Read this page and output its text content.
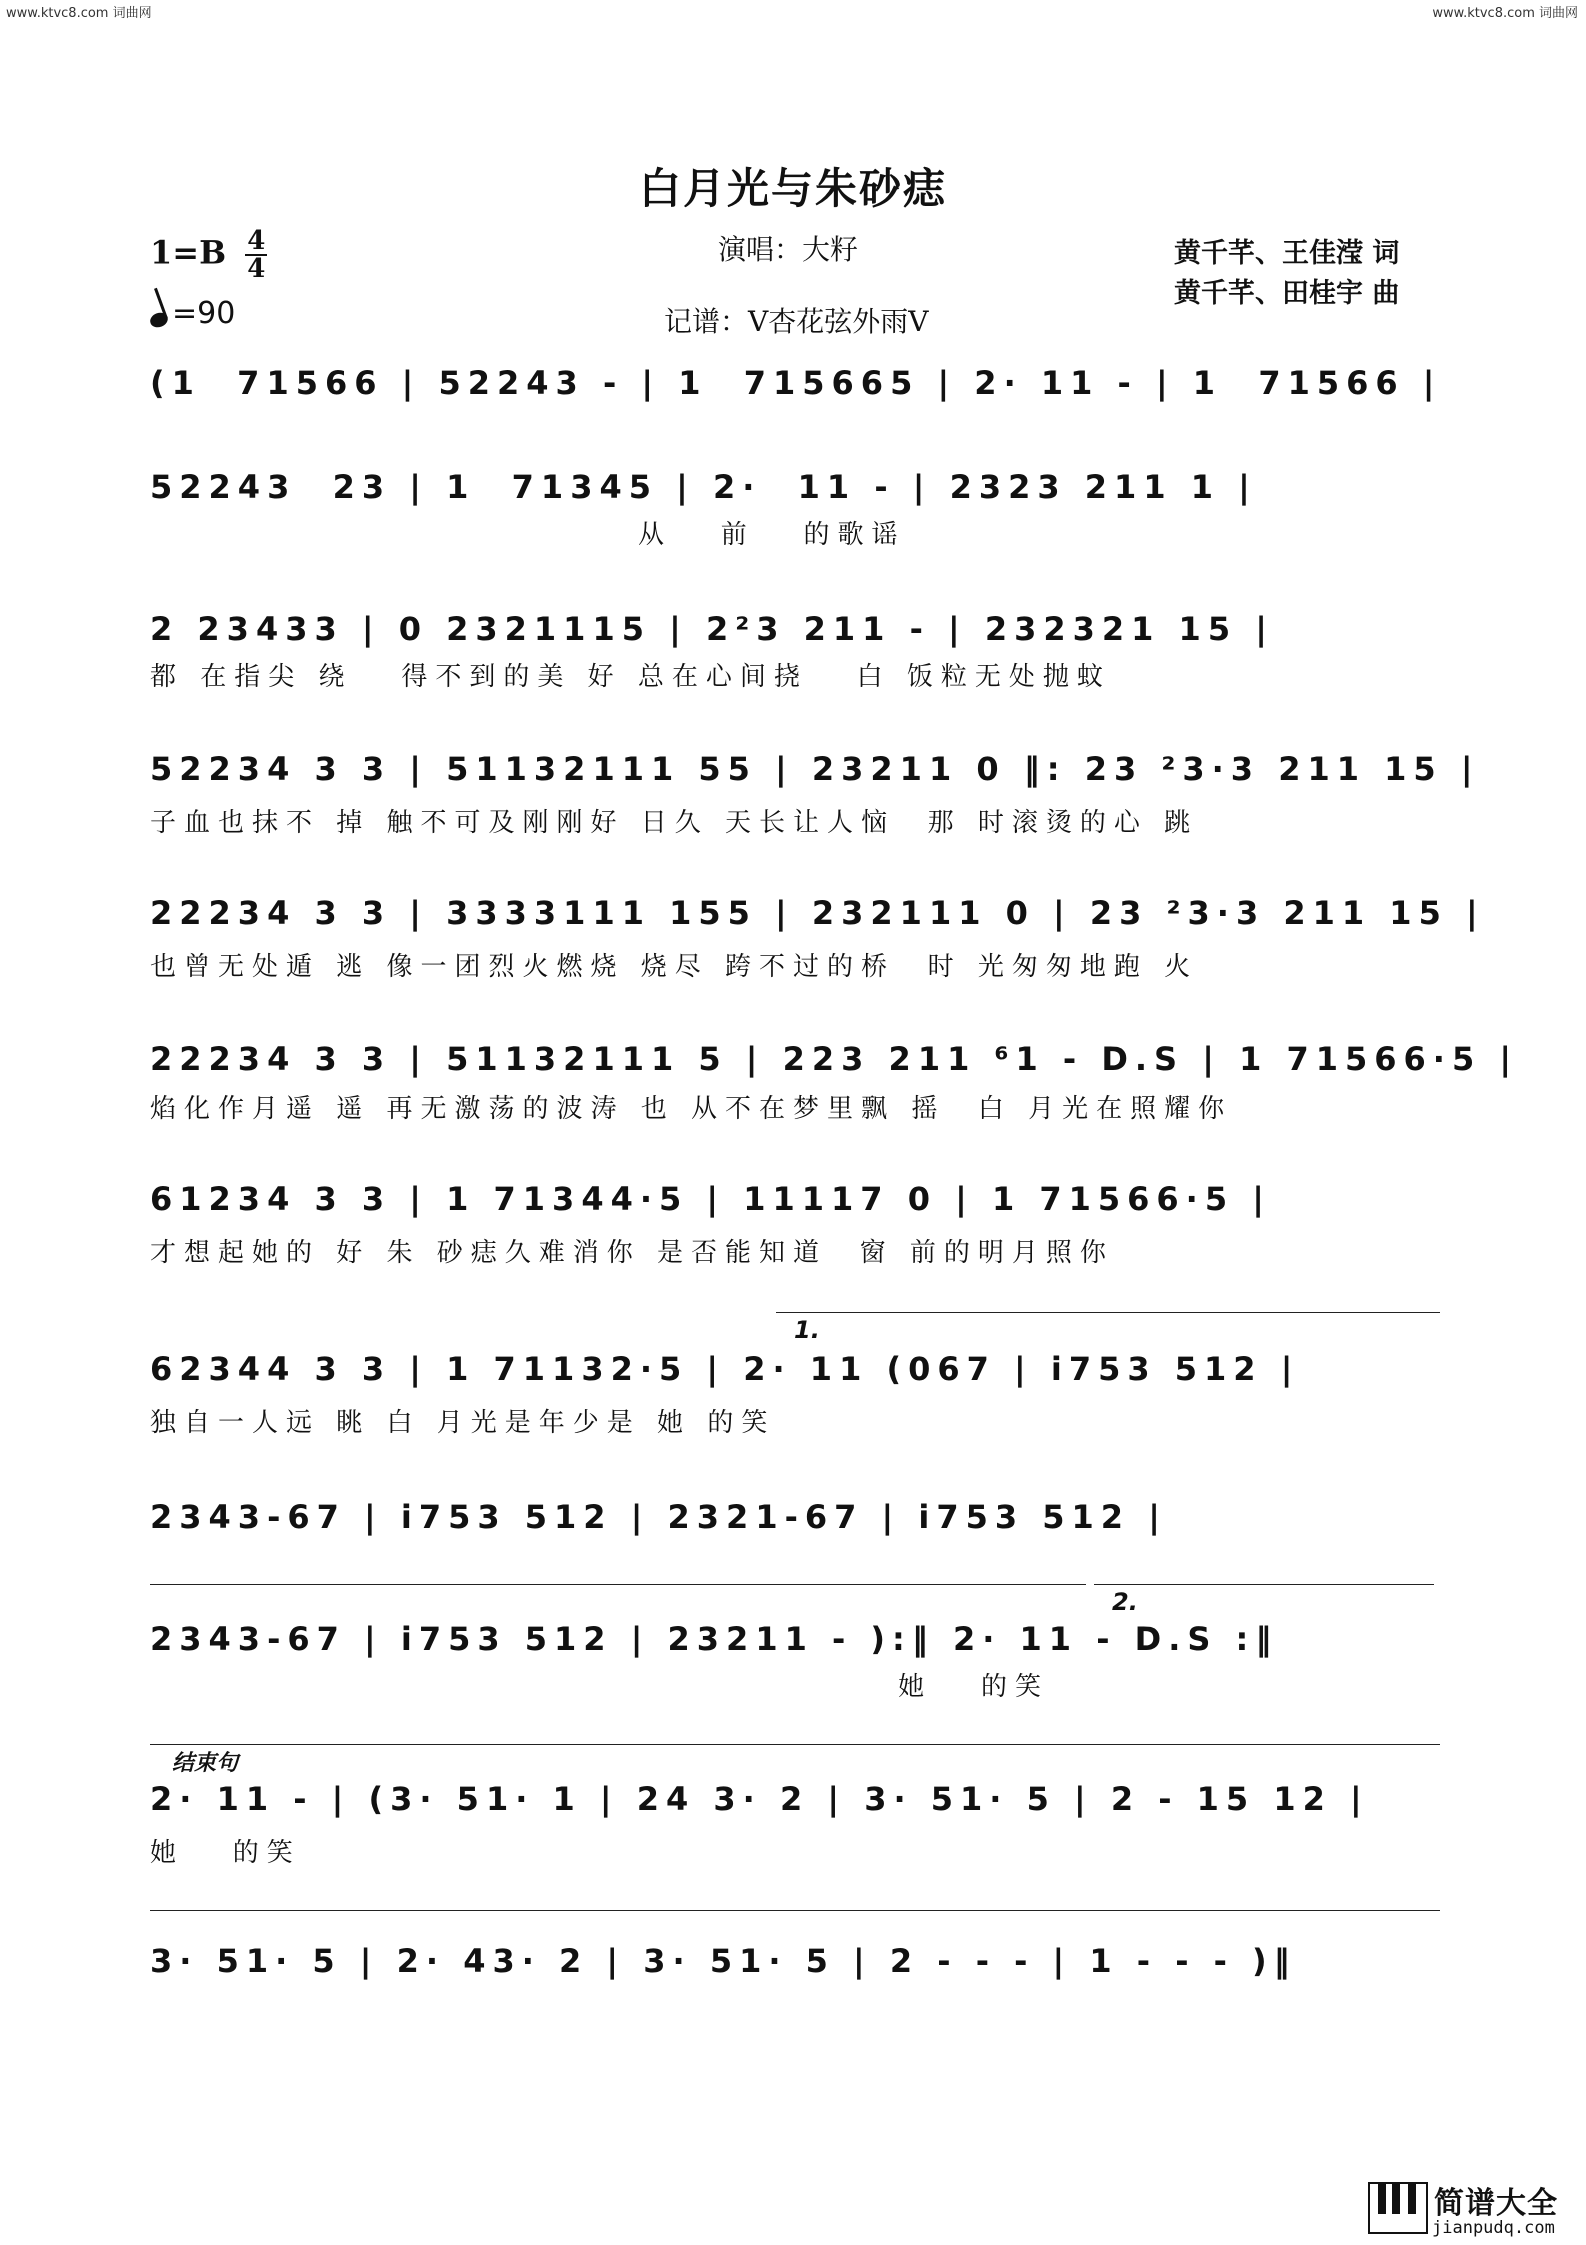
www.ktvc8.com 词曲网	www.ktvc8.com 词曲网
白月光与朱砂痣
$1=B \frac{4}{4}$
=90
演唱：大籽
记谱：V杏花弦外雨V
黄千芊、王佳滢 词
黄千芊、田桂宇 曲
(1  71566 | 52243 - | 1  715665 | 2· 11 - | 1  71566 |
52243  23 | 1  71345 | 2·  11 - | 2323 211 1 |
从   前   的歌谣
2 23433 | 0 2321115 | 2²3 211 - | 232321 15 |
都 在指尖 绕   得不到的美 好 总在心间挠   白 饭粒无处抛蚊
52234 3 3 | 51132111 55 | 23211 0 ‖: 23 ²3·3 211 15 |
子血也抹不 掉 触不可及刚刚好 日久 天长让人恼  那 时滚烫的心 跳
22234 3 3 | 3333111 155 | 232111 0 | 23 ²3·3 211 15 |
也曾无处遁 逃 像一团烈火燃烧 烧尽 跨不过的桥  时 光匆匆地跑 火
22234 3 3 | 51132111 5 | 223 211 ⁶1 - D.S | 1 71566·5 |
焰化作月遥 遥 再无激荡的波涛 也 从不在梦里飘 摇  白 月光在照耀你
61234 3 3 | 1 71344·5 | 11117 0 | 1 71566·5 |
才想起她的 好 朱 砂痣久难消你 是否能知道  窗 前的明月照你
1.
62344 3 3 | 1 71132·5 | 2· 11 (067 | i753 512 |
独自一人远 眺 白 月光是年少是 她 的笑
2343-67 | i753 512 | 2321-67 | i753 512 |
2.
2343-67 | i753 512 | 23211 - ):‖ 2· 11 - D.S :‖
她   的笑
结束句
2· 11 - | (3· 51· 1 | 24 3· 2 | 3· 51· 5 | 2 - 15 12 |
她   的笑
3· 51· 5 | 2· 43· 2 | 3· 51· 5 | 2 - - - | 1 - - - )‖
简谱大全
jianpudq.com
